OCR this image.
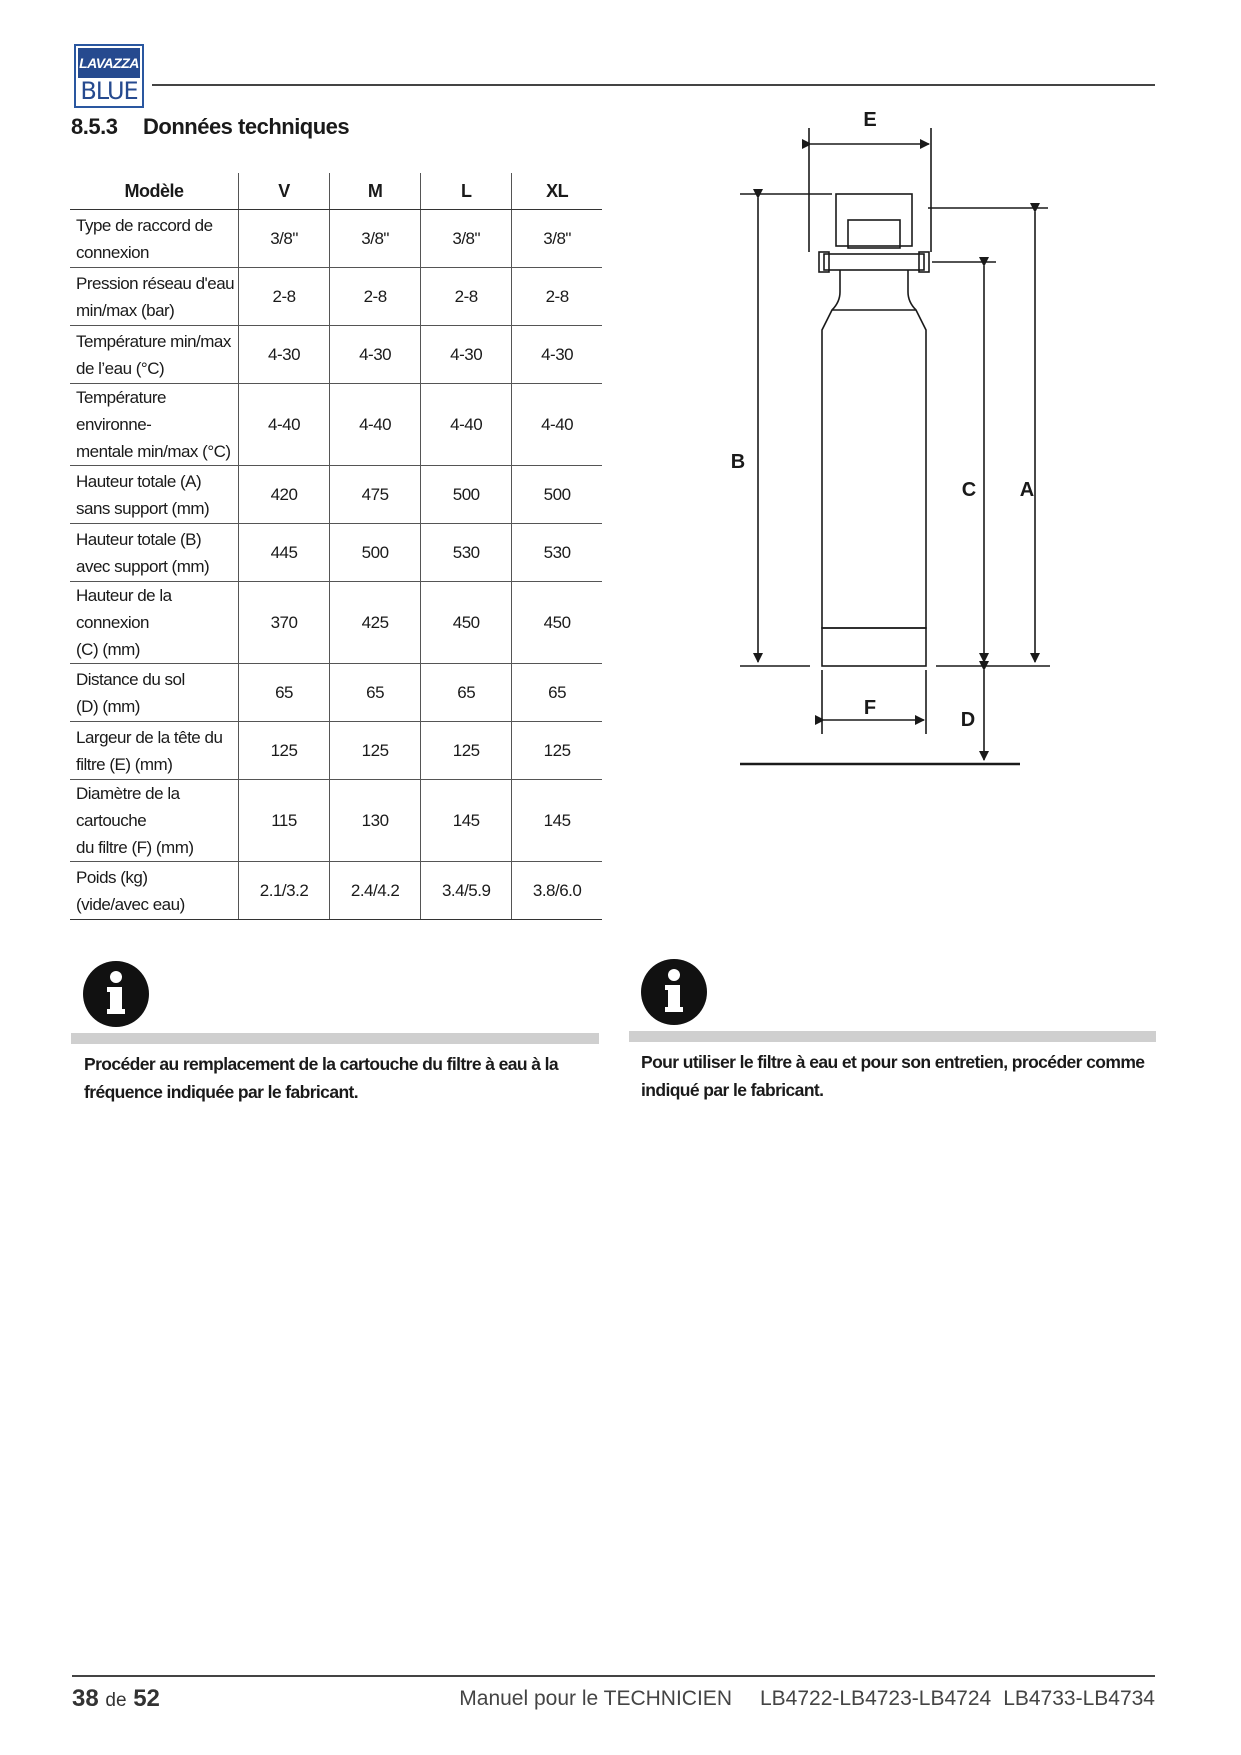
LAVAZZA
BLUE
8.5.3 Données techniques
Modèle	V	M	L	XL

Type de raccord de
connexion	3/8"	3/8"	3/8"	3/8"

Pression réseau d'eau
min/max (bar)	2-8	2-8	2-8	2-8

Température min/max
de l’eau (°C)	4-30	4-30	4-30	4-30

Température environne-
mentale min/max (°C)	4-40	4-40	4-40	4-40

Hauteur totale (A)
sans support (mm)	420	475	500	500

Hauteur totale (B)
avec support (mm)	445	500	530	530

Hauteur de la connexion
(C) (mm)	370	425	450	450

Distance du sol
(D) (mm)	65	65	65	65

Largeur de la tête du
filtre (E) (mm)	125	125	125	125

Diamètre de la cartouche
du filtre (F) (mm)	115	130	145	145

Poids (kg)
(vide/avec eau)	2.1/3.2	2.4/4.2	3.4/5.9	3.8/6.0
E
B
C A
F
D
Procéder au remplacement de la cartouche du filtre à eau à la fréquence indiquée par le fabricant.
Pour utiliser le filtre à eau et pour son entretien, procéder comme indiqué par le fabricant.
38 de 52	Manuel pour le TECHNICIEN LB4722-LB4723-LB4724 LB4733-LB4734
